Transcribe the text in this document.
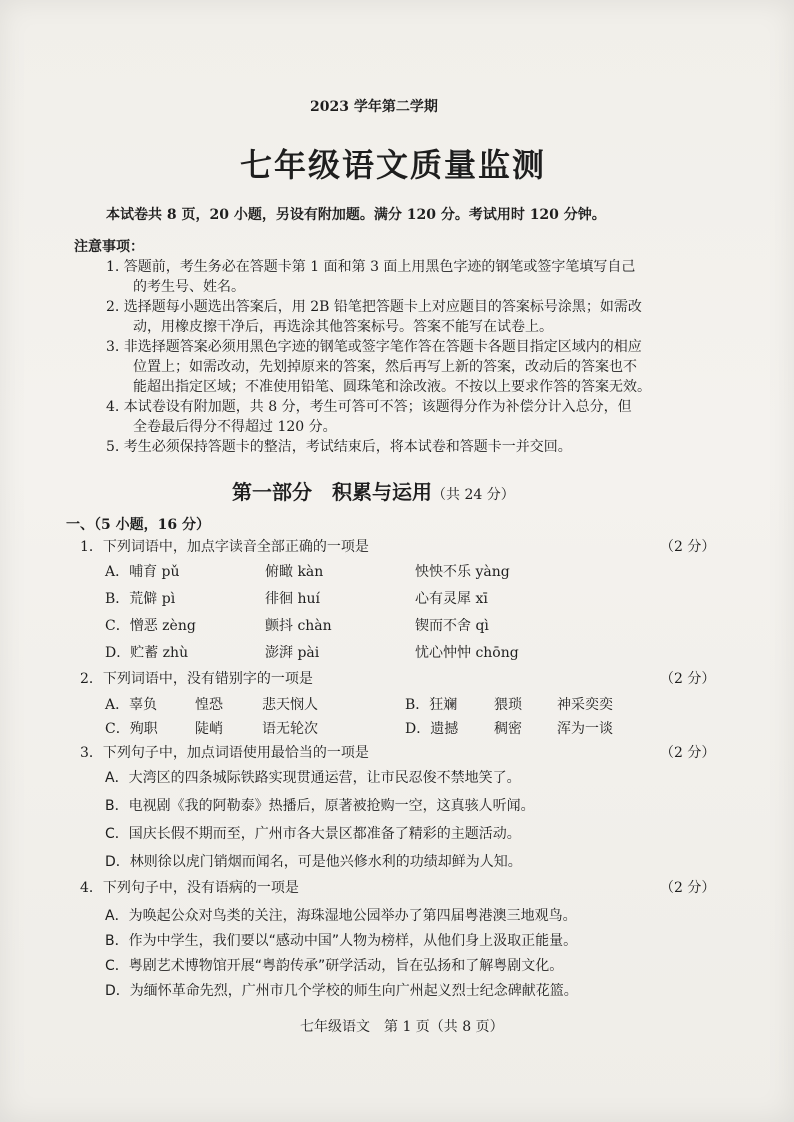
2023 学年第二学期
七年级语文质量监测
本试卷共 8 页，20 小题，另设有附加题。满分 120 分。考试用时 120 分钟。
注意事项：
1. 答题前，考生务必在答题卡第 1 面和第 3 面上用黑色字迹的钢笔或签字笔填写自己
的考生号、姓名。
2. 选择题每小题选出答案后，用 2B 铅笔把答题卡上对应题目的答案标号涂黑；如需改
动，用橡皮擦干净后，再选涂其他答案标号。答案不能写在试卷上。
3. 非选择题答案必须用黑色字迹的钢笔或签字笔作答在答题卡各题目指定区域内的相应
位置上；如需改动，先划掉原来的答案，然后再写上新的答案，改动后的答案也不
能超出指定区域；不准使用铅笔、圆珠笔和涂改液。不按以上要求作答的答案无效。
4. 本试卷设有附加题，共 8 分，考生可答可不答；该题得分作为补偿分计入总分，但
全卷最后得分不得超过 120 分。
5. 考生必须保持答题卡的整洁，考试结束后，将本试卷和答题卡一并交回。
第一部分　积累与运用（共 24 分）
一、（5 小题，16 分）
1．下列词语中，加点字读音全部正确的一项是	（2 分）
A．哺育 pǔ	俯瞰 kàn	怏怏不乐 yàng
B．荒僻 pì	徘徊 huí	心有灵犀 xī
C．憎恶 zèng	颤抖 chàn	锲而不舍 qì
D．贮蓄 zhù	澎湃 pài	忧心忡忡 chōng
2．下列词语中，没有错别字的一项是	（2 分）
A．辜负	惶恐	悲天悯人	B．狂斓	猥琐	神采奕奕
C．殉职	陡峭	语无轮次	D．遗撼	稠密	浑为一谈
3．下列句子中，加点词语使用最恰当的一项是	（2 分）
A．大湾区的四条城际铁路实现贯通运营，让市民忍俊不禁地笑了。
B．电视剧《我的阿勒泰》热播后，原著被抢购一空，这真骇人听闻。
C．国庆长假不期而至，广州市各大景区都准备了精彩的主题活动。
D．林则徐以虎门销烟而闻名，可是他兴修水利的功绩却鲜为人知。
4．下列句子中，没有语病的一项是	（2 分）
A．为唤起公众对鸟类的关注，海珠湿地公园举办了第四届粤港澳三地观鸟。
B．作为中学生，我们要以“感动中国”人物为榜样，从他们身上汲取正能量。
C．粤剧艺术博物馆开展“粤韵传承”研学活动，旨在弘扬和了解粤剧文化。
D．为缅怀革命先烈，广州市几个学校的师生向广州起义烈士纪念碑献花篮。
七年级语文　第 1 页（共 8 页）
